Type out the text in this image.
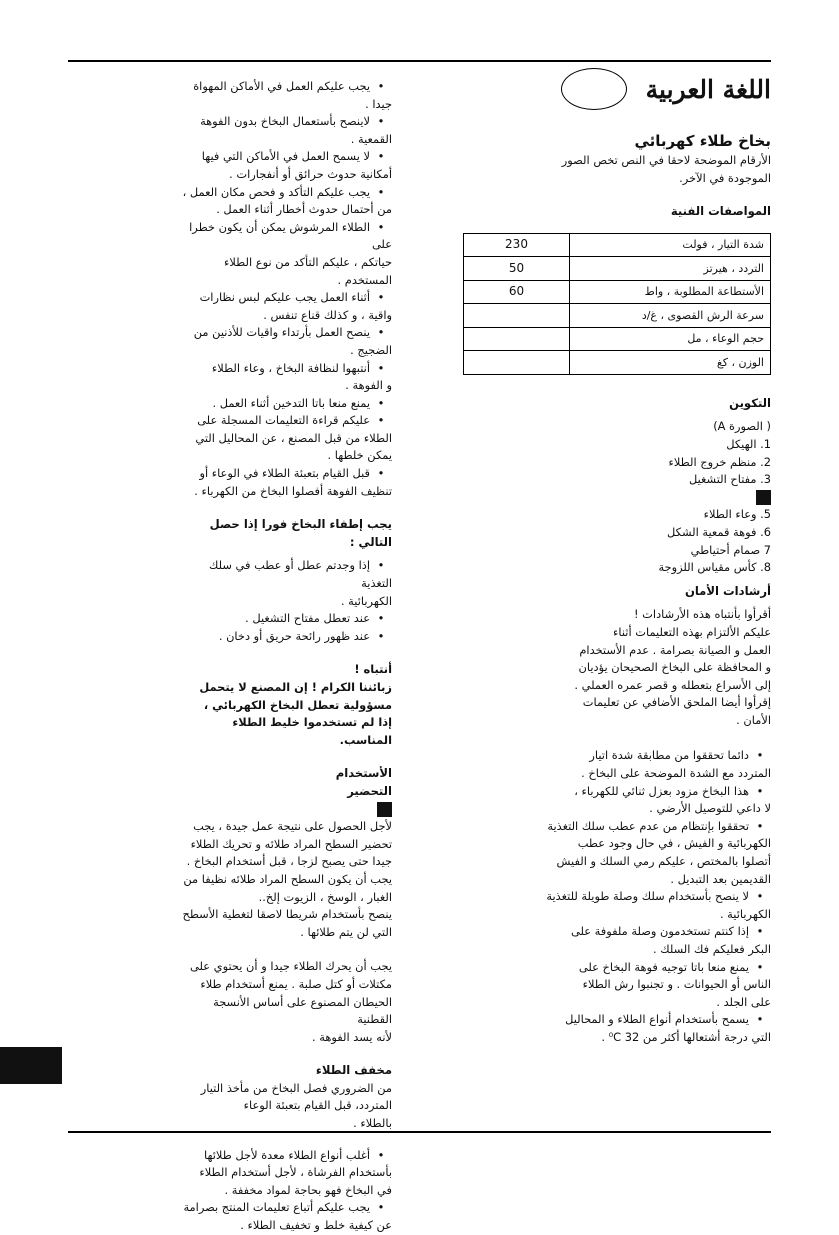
اللغة العربية

بخاخ طلاء كهربائي

الأرقام الموضحة لاحقا في النص تخص الصور

الموجودة في الآخر.

المواصفات الفنية

شدة التيار ، فولت	230
التردد ، هيرتز	50
الأستطاعة المطلوبة ، واط	60
سرعة الرش القصوى ، غ/د	
حجم الوعاء ، مل	
الوزن ، كغ	

التكوين

( الصورة A)

1. الهيكل

2. منظم خروج الطلاء

3. مفتاح التشغيل

5. وعاء الطلاء

6. فوهة قمعية الشكل

7 صمام أحتياطي

8. كأس مقياس اللزوجة

أرشادات الأمان

أقرأوا بأنتباه هذه الأرشادات !

عليكم الألتزام بهذه التعليمات أثناء

العمل و الصيانة بصرامة . عدم الأستخدام

و المحافظة على البخاخ الصحيحان يؤديان

إلى الأسراع بتعطله و قصر عمره العملي .

إقرأوا أيضا الملحق الأضافي عن تعليمات

الأمان .

•دائما تحققوا من مطابقة شدة اتيار

المتردد مع الشدة الموضحة على البخاخ .

•هذا البخاخ مزود بعزل ثنائي للكهرباء ،

لا داعي للتوصيل الأرضي .

•تحققوا بإنتظام من عدم عطب سلك التغذية

الكهربائية و الفيش ، في حال وجود عطب

أتصلوا بالمختص ، عليكم رمي السلك و الفيش

القديمين بعد التبديل .

•لا ينصح بأستخدام سلك وصلة طويلة للتغذية

الكهربائية .

•إذا كنتم تستخدمون وصلة ملفوفة على

البكر فعليكم فك السلك .

•يمنع منعا باتا توجيه فوهة البخاخ على

الناس أو الحيوانات . و تجنبوا رش الطلاء

على الجلد .

•يسمح بأستخدام أنواع الطلاء و المحاليل

التي درجة أشتعالها أكثر من 32 ⁰C .

•يجب عليكم العمل في الأماكن المهواة

جيدا .

•لاينصح بأستعمال البخاخ بدون الفوهة

القمعية .

•لا يسمح العمل في الأماكن التي فيها

أمكانية حدوث حرائق أو أنفجارات .

•يجب عليكم التأكد و فحص مكان العمل ،

من أحتمال حدوث أخطار أثناء العمل .

•الطلاء المرشوش يمكن أن يكون خطرا على

حياتكم ، عليكم التأكد من نوع الطلاء

المستخدم .

•أثناء العمل يجب عليكم لبس نظارات

واقية ، و كذلك قناع تنفس .

•ينصح العمل بأرتداء واقيات للأذنين من

الضجيج .

•أنتبهوا لنظافة البخاخ ، وعاء الطلاء

و الفوهة .

•يمنع منعا باتا التدخين أثناء العمل .

•عليكم قراءة التعليمات المسجلة على

الطلاء من قبل المصنع ، عن المحاليل التي

يمكن خلطها .

•قبل القيام بتعبئة الطلاء في الوعاء أو

تنظيف الفوهة أفصلوا البخاخ من الكهرباء .

يجب إطفاء البخاخ فورا إذا حصل التالي :

•إذا وجدتم عطل أو عطب في سلك التغذية

الكهربائية .

•عند تعطل مفتاح التشغيل .

•عند ظهور رائحة حريق أو دخان .

أنتباه !

زبائننا الكرام ! إن المصنع لا يتحمل

مسؤولية تعطل البخاخ الكهربائي ،

إذا لم تستخدموا خليط الطلاء المناسب.

الأستخدام

التحضير

لأجل الحصول على نتيجة عمل جيدة ، يجب

تحضير السطح المراد طلائه و تحريك الطلاء

جيدا حتى يصبح لزجا ، قبل أستخدام البخاخ .

يجب أن يكون السطح المراد طلائه نظيفا من

الغبار ، الوسخ ، الزيوت إلخ..

ينصح بأستخدام شريطا لاصقا لتغطية الأسطح

التي لن يتم طلائها .

يجب أن يحرك الطلاء جيدا و أن يحتوي على

مكتلات أو كتل صلبة . يمنع أستخدام طلاء

الحيطان المصنوع على أساس الأنسجة القطنية

لأنه يسد الفوهة .

مخفف الطلاء

من الضروري فصل البخاخ من مأخذ التيار

المتردد، قبل القيام بتعبئة الوعاء

بالطلاء .

•أغلب أنواع الطلاء معدة لأجل طلائها

بأستخدام الفرشاة ، لأجل أستخدام الطلاء

في البخاخ فهو بحاجة لمواد مخففة .

•يجب عليكم أتباع تعليمات المنتج بصرامة

عن كيفية خلط و تخفيف الطلاء .
